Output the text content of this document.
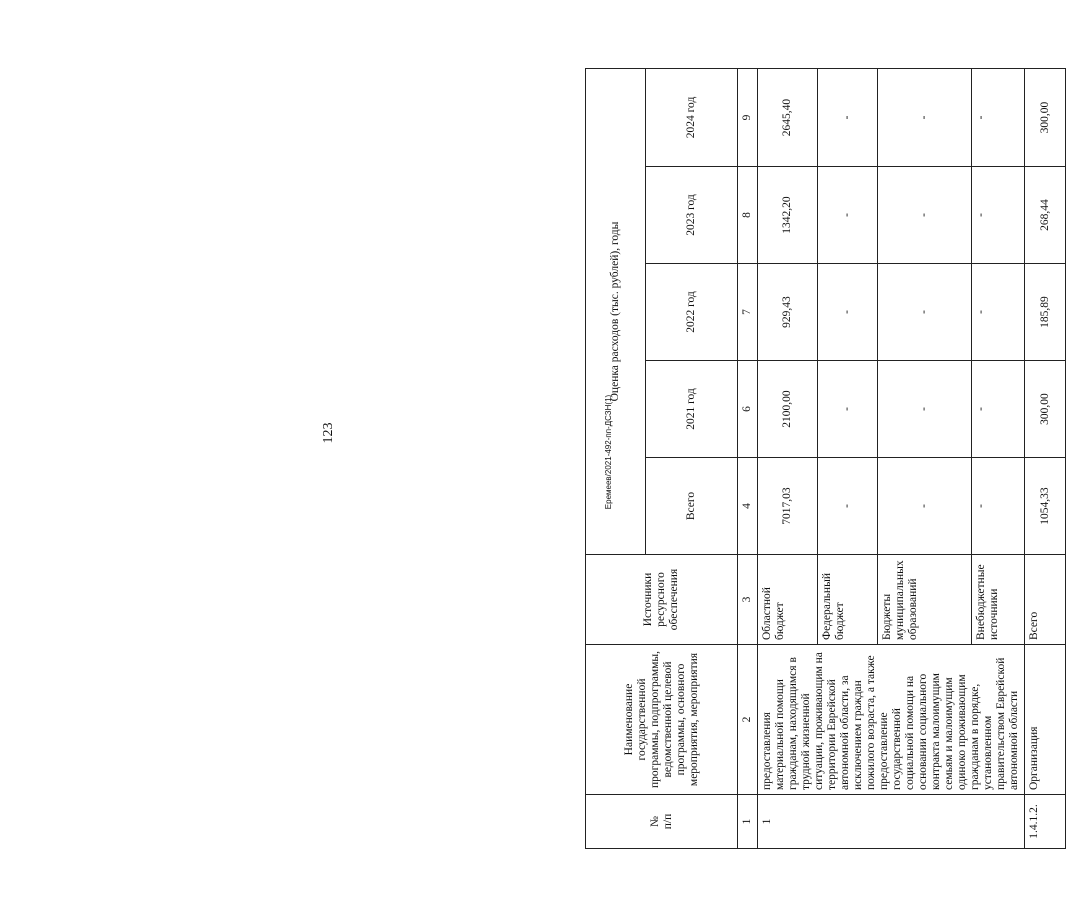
123	Еремеев/2021-492-пп-ДСЗН(1)
№
п/п	Наименование государственной программы, подпрограммы, ведомственной целевой программы, основного мероприятия, мероприятия	Источники ресурсного обеспечения	Оценка расходов (тыс. рублей), годы				
			Всего	2021 год	2022 год	2023 год	2024 год
1	2	3	4	6	7	8	9
1	предоставления материальной помощи гражданам, находящимся в трудной жизненной ситуации, проживающим на территории Еврейской автономной области, за исключением граждан пожилого возраста, а также предоставление государственной социальной помощи на основании социального контракта малоимущим семьям и малоимущим одиноко проживающим гражданам в порядке, установленном правительством Еврейской автономной области	Областной бюджет	7017,03	2100,00	929,43	1342,20	2645,40
		Федеральный бюджет	-	-	-	-	-
		Бюджеты муниципальных образований	-	-	-	-	-
		Внебюджетные источники	-	-	-	-	-
1.4.1.2.	Организация	Всего	1054,33	300,00	185,89	268,44	300,00
